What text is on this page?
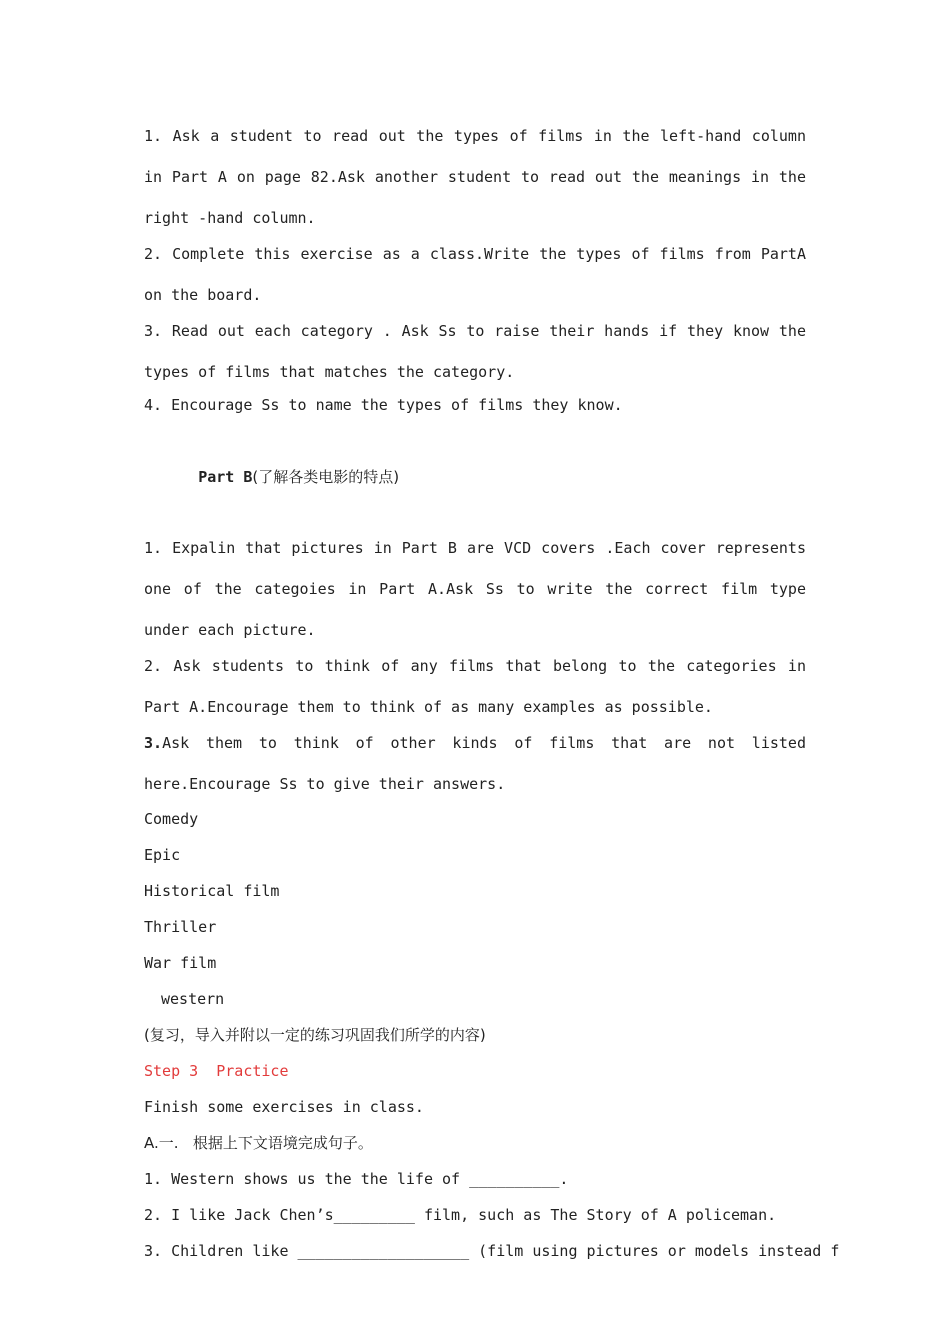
1. Ask a student to read out the types of films in the left-hand column in Part A on page 82.Ask another student to read out the meanings in the right -hand column.

2. Complete this exercise as a class.Write the types of films from PartA on the board.

3. Read out each category . Ask Ss to raise their hands if they know the types of films that matches the category.

4. Encourage Ss to name the types of films they know.

Part B(了解各类电影的特点)

1. Expalin that pictures in Part B are VCD covers .Each cover represents one of the categoies in Part A.Ask Ss to write the correct film type under each picture.

2. Ask students to think of any films that belong to the categories in Part A.Encourage them to think of as many examples as possible.

3.Ask them to think of other kinds of films that are not listed here.Encourage Ss to give their answers.

Comedy

Epic

Historical film

Thriller

War film

western

(复习，导入并附以一定的练习巩固我们所学的内容)

Step 3  Practice

Finish some exercises in class.

A.一.   根据上下文语境完成句子。

1. Western shows us the the life of __________.

2. I like Jack Chen’s_________ film, such as The Story of A policeman.

3. Children like ___________________ (film using pictures or models instead f
